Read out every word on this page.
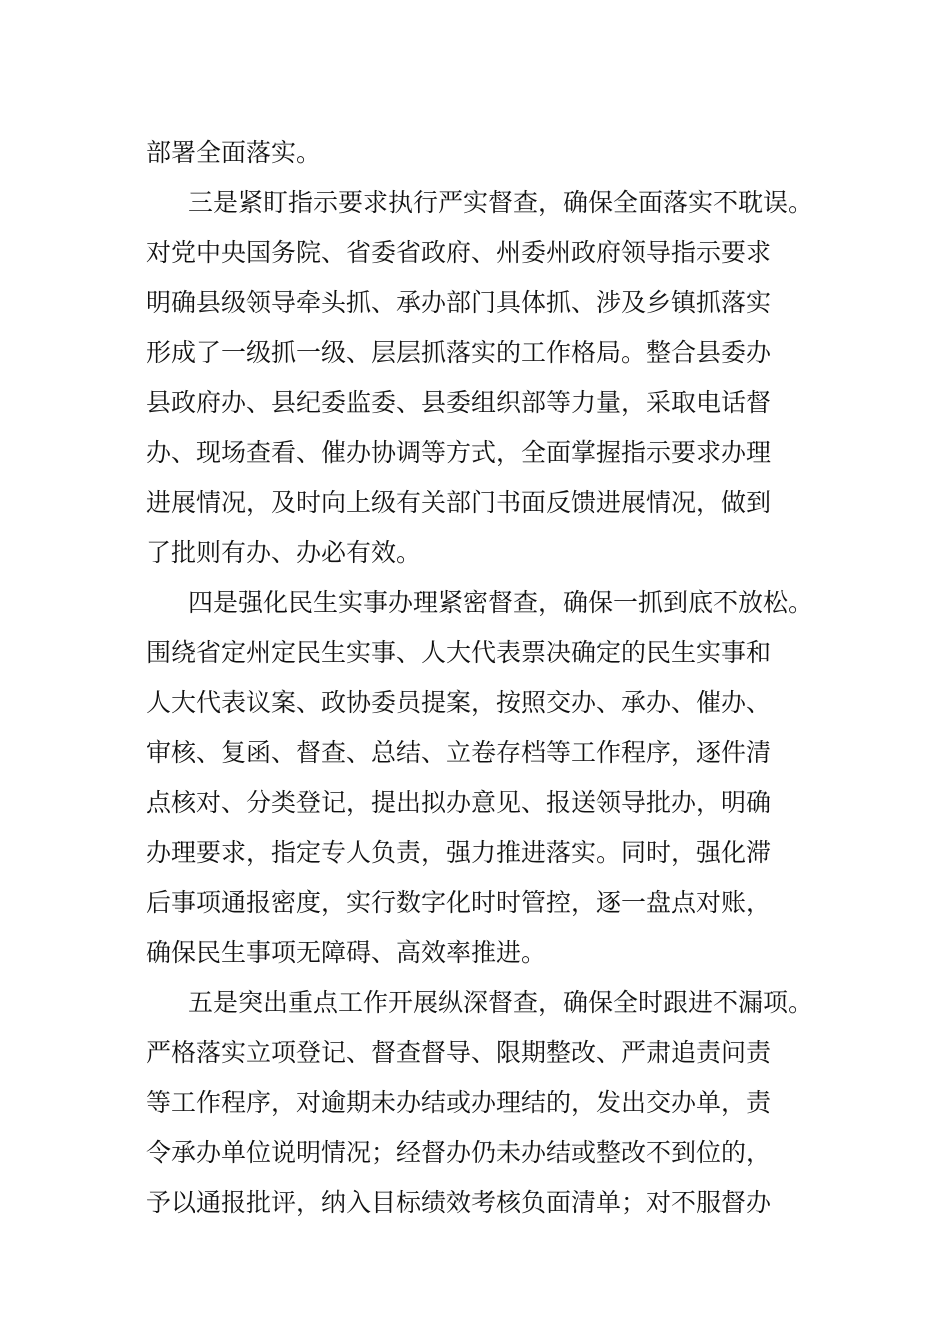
部署全面落实。
三是紧盯指示要求执行严实督查，确保全面落实不耽误。
对党中央国务院、省委省政府、州委州政府领导指示要求
明确县级领导牵头抓、承办部门具体抓、涉及乡镇抓落实
形成了一级抓一级、层层抓落实的工作格局。整合县委办
县政府办、县纪委监委、县委组织部等力量，采取电话督
办、现场查看、催办协调等方式，全面掌握指示要求办理
进展情况，及时向上级有关部门书面反馈进展情况，做到
了批则有办、办必有效。
四是强化民生实事办理紧密督查，确保一抓到底不放松。
围绕省定州定民生实事、人大代表票决确定的民生实事和
人大代表议案、政协委员提案，按照交办、承办、催办、
审核、复函、督查、总结、立卷存档等工作程序，逐件清
点核对、分类登记，提出拟办意见、报送领导批办，明确
办理要求，指定专人负责，强力推进落实。同时，强化滞
后事项通报密度，实行数字化时时管控，逐一盘点对账，
确保民生事项无障碍、高效率推进。
五是突出重点工作开展纵深督查，确保全时跟进不漏项。
严格落实立项登记、督查督导、限期整改、严肃追责问责
等工作程序，对逾期未办结或办理结的，发出交办单，责
令承办单位说明情况；经督办仍未办结或整改不到位的，
予以通报批评，纳入目标绩效考核负面清单；对不服督办
